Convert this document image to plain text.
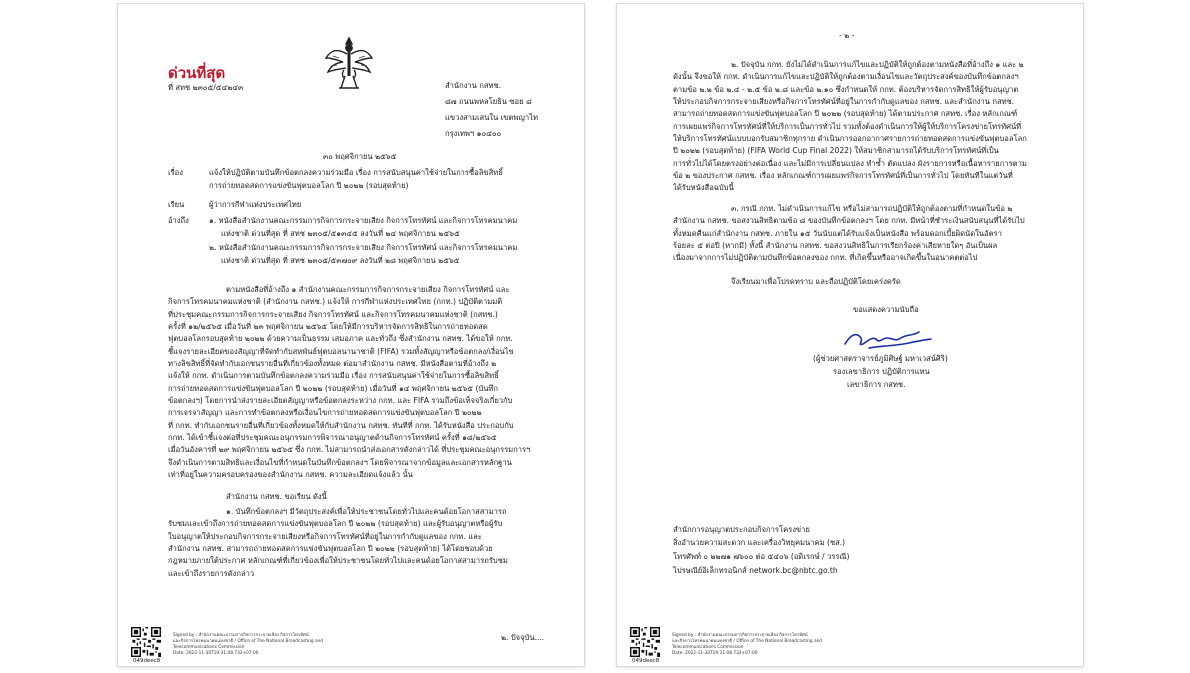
ด่วนที่สุด
ที่ สทช ๒๓๐๕/๕๔๒๔๓	สำนักงาน กสทช.
๘๗ ถนนพหลโยธิน ซอย ๘
แขวงสามเสนใน เขตพญาไท
กรุงเทพฯ ๑๐๔๐๐
๓๐ พฤศจิกายน ๒๕๖๕
เรื่อง	แจ้งให้ปฏิบัติตามบันทึกข้อตกลงความร่วมมือ เรื่อง การสนับสนุนค่าใช้จ่ายในการซื้อลิขสิทธิ์
การถ่ายทอดสดการแข่งขันฟุตบอลโลก ปี ๒๐๒๒ (รอบสุดท้าย)
เรียน	ผู้ว่าการกีฬาแห่งประเทศไทย
อ้างถึง	๑. หนังสือสำนักงานคณะกรรมการกิจการกระจายเสียง กิจการโทรทัศน์ และกิจการโทรคมนาคม
แห่งชาติ ด่วนที่สุด ที่ สทช ๒๓๐๕/๕๑๓๔๕ ลงวันที่ ๒๔ พฤศจิกายน ๒๕๖๕
๒. หนังสือสำนักงานคณะกรรมการกิจการกระจายเสียง กิจการโทรทัศน์ และกิจการโทรคมนาคม
แห่งชาติ ด่วนที่สุด ที่ สทช ๒๓๐๕/๕๓๗๐๙ ลงวันที่ ๒๘ พฤศจิกายน ๒๕๖๕
ตามหนังสือที่อ้างถึง ๑ สำนักงานคณะกรรมการกิจการกระจายเสียง กิจการโทรทัศน์ และ
กิจการโทรคมนาคมแห่งชาติ (สำนักงาน กสทช.) แจ้งให้ การกีฬาแห่งประเทศไทย (กกท.) ปฏิบัติตามมติ
ที่ประชุมคณะกรรมการกิจการกระจายเสียง กิจการโทรทัศน์ และกิจการโทรคมนาคมแห่งชาติ (กสทช.)
ครั้งที่ ๑๒/๒๕๖๕ เมื่อวันที่ ๒๓ พฤศจิกายน ๒๕๖๕ โดยให้มีการบริหารจัดการสิทธิในการถ่ายทอดสด
ฟุตบอลโลกรอบสุดท้าย ๒๐๒๒ ด้วยความเป็นธรรม เสมอภาค และทั่วถึง ซึ่งสำนักงาน กสทช. ได้ขอให้ กกท.
ชี้แจงรายละเอียดของสัญญาที่จัดทำกับสหพันธ์ฟุตบอลนานาชาติ (FIFA) รวมทั้งสัญญาหรือข้อตกลง/เงื่อนไข
ทางลิขสิทธิ์ที่จัดทำกับเอกชนรายอื่นที่เกี่ยวข้องทั้งหมด ต่อมาสำนักงาน กสทช. มีหนังสือตามที่อ้างถึง ๒
แจ้งให้ กกท. ดำเนินการตามบันทึกข้อตกลงความร่วมมือ เรื่อง การสนับสนุนค่าใช้จ่ายในการซื้อลิขสิทธิ์
การถ่ายทอดสดการแข่งขันฟุตบอลโลก ปี ๒๐๒๒ (รอบสุดท้าย) เมื่อวันที่ ๑๔ พฤศจิกายน ๒๕๖๕ (บันทึก
ข้อตกลงฯ) โดยการนำส่งรายละเอียดสัญญาหรือข้อตกลงระหว่าง กกท. และ FIFA รวมถึงข้อเท็จจริงเกี่ยวกับ
การเจรจาสัญญา และการทำข้อตกลงหรือเงื่อนไขการถ่ายทอดสดการแข่งขันฟุตบอลโลก ปี ๒๐๒๒
ที่ กกท. ทำกับเอกชนรายอื่นที่เกี่ยวข้องทั้งหมดให้กับสำนักงาน กสทช. ทันทีที่ กกท. ได้รับหนังสือ ประกอบกับ
กกท. ได้เข้าชี้แจงต่อที่ประชุมคณะอนุกรรมการพิจารณาอนุญาตด้านกิจการโทรทัศน์ ครั้งที่ ๑๘/๒๕๖๕
เมื่อวันอังคารที่ ๒๙ พฤศจิกายน ๒๕๖๕ ซึ่ง กกท. ไม่สามารถนำส่งเอกสารดังกล่าวได้ ที่ประชุมคณะอนุกรรมการฯ
จึงดำเนินการตามสิทธิและเงื่อนไขที่กำหนดในบันทึกข้อตกลงฯ โดยพิจารณาจากข้อมูลและเอกสารหลักฐาน
เท่าที่อยู่ในความครอบครองของสำนักงาน กสทช. ความละเอียดแจ้งแล้ว นั้น
สำนักงาน กสทช. ขอเรียน ดังนี้
๑. บันทึกข้อตกลงฯ มีวัตถุประสงค์เพื่อให้ประชาชนโดยทั่วไปและคนด้อยโอกาสสามารถ
รับชมและเข้าถึงการถ่ายทอดสดการแข่งขันฟุตบอลโลก ปี ๒๐๒๒ (รอบสุดท้าย) และผู้รับอนุญาตหรือผู้รับ
ใบอนุญาตให้ประกอบกิจการกระจายเสียงหรือกิจการโทรทัศน์ที่อยู่ในการกำกับดูแลของ กกท. และ
สำนักงาน กสทช. สามารถถ่ายทอดสดการแข่งขันฟุตบอลโลก ปี ๒๐๒๒ (รอบสุดท้าย) ได้โดยชอบด้วย
กฎหมายภายใต้ประกาศ หลักเกณฑ์ที่เกี่ยวข้องเพื่อให้ประชาชนโดยทั่วไปและคนด้อยโอกาสสามารถรับชม
และเข้าถึงรายการดังกล่าว
๒. ปัจจุบัน....
049deec8
Signed by : สำนักงานคณะกรรมการกิจการกระจายเสียง กิจการโทรทัศน์
และกิจการโทรคมนาคมแห่งชาติ / Office of The National Broadcasting and
Telecommunications Commission
Date: 2022-11-30T19:31:08.733+07:00
- ๒ -
๒. ปัจจุบัน กกท. ยังไม่ได้ดำเนินการแก้ไขและปฏิบัติให้ถูกต้องตามหนังสือที่อ้างถึง ๑ และ ๒
ดังนั้น จึงขอให้ กกท. ดำเนินการแก้ไขและปฏิบัติให้ถูกต้องตามเงื่อนไขและวัตถุประสงค์ของบันทึกข้อตกลงฯ
ตามข้อ ๒.๒ ข้อ ๒.๔ - ๒.๕ ข้อ ๒.๘ และข้อ ๒.๑๐ ซึ่งกำหนดให้ กกท. ต้องบริหารจัดการสิทธิให้ผู้รับอนุญาต
ให้ประกอบกิจการกระจายเสียงหรือกิจการโทรทัศน์ที่อยู่ในการกำกับดูแลของ กสทช. และสำนักงาน กสทช.
สามารถถ่ายทอดสดการแข่งขันฟุตบอลโลก ปี ๒๐๒๒ (รอบสุดท้าย) ได้ตามประกาศ กสทช. เรื่อง หลักเกณฑ์
การเผยแพร่กิจการโทรทัศน์ที่ให้บริการเป็นการทั่วไป รวมทั้งต้องดำเนินการให้ผู้ให้บริการโครงข่ายโทรทัศน์ที่
ให้บริการโทรทัศน์แบบบอกรับสมาชิกทุกราย ดำเนินการออกอากาศรายการถ่ายทอดสดการแข่งขันฟุตบอลโลก
ปี ๒๐๒๒ (รอบสุดท้าย) (FIFA World Cup Final 2022) ให้สมาชิกสามารถได้รับบริการโทรทัศน์ที่เป็น
การทั่วไปได้โดยตรงอย่างต่อเนื่อง และไม่มีการเปลี่ยนแปลง ทำซ้ำ ตัดแปลง ผังรายการหรือเนื้อหารายการตาม
ข้อ ๒ ของประกาศ กสทช. เรื่อง หลักเกณฑ์การเผยแพร่กิจการโทรทัศน์ที่เป็นการทั่วไป โดยทันทีในแต่วันที่
ได้รับหนังสือฉบับนี้
๓. กรณี กกท. ไม่ดำเนินการแก้ไข หรือไม่สามารถปฏิบัติให้ถูกต้องตามที่กำหนดในข้อ ๒
สำนักงาน กสทช. ขอสงวนสิทธิตามข้อ ๘ ของบันทึกข้อตกลงฯ โดย กกท. มีหน้าที่ชำระเงินสนับสนุนที่ได้รับไป
ทั้งหมดคืนแก่สำนักงาน กสทช. ภายใน ๑๕ วันนับแต่ได้รับแจ้งเป็นหนังสือ พร้อมดอกเบี้ยผิดนัดในอัตรา
ร้อยละ ๕ ต่อปี (หากมี) ทั้งนี้ สำนักงาน กสทช. ขอสงวนสิทธิในการเรียกร้องค่าเสียหายใดๆ อันเป็นผล
เนื่องมาจากการไม่ปฏิบัติตามบันทึกข้อตกลงของ กกท. ที่เกิดขึ้นหรืออาจเกิดขึ้นในอนาคตต่อไป
จึงเรียนมาเพื่อโปรดทราบ และถือปฏิบัติโดยเคร่งครัด
ขอแสดงความนับถือ
(ผู้ช่วยศาสตราจารย์ภูมิศิษฐ์ มหาเวสน์ศิริ)
รองเลขาธิการ ปฏิบัติการแทน
เลขาธิการ กสทช.
สำนักการอนุญาตประกอบกิจการโครงข่าย
สิ่งอำนวยความสะดวก และเครื่องวิทยุคมนาคม (ชส.)
โทรศัพท์ ๐ ๒๒๗๑ ๗๖๐๐ ต่อ ๕๔๐๖ (อดิเรกษ์ / วรรณี)
ไปรษณีย์อิเล็กทรอนิกส์ network.bc@nbtc.go.th
049deec8
Signed by : สำนักงานคณะกรรมการกิจการกระจายเสียง กิจการโทรทัศน์
และกิจการโทรคมนาคมแห่งชาติ / Office of The National Broadcasting and
Telecommunications Commission
Date: 2022-11-30T19:31:08.733+07:00
